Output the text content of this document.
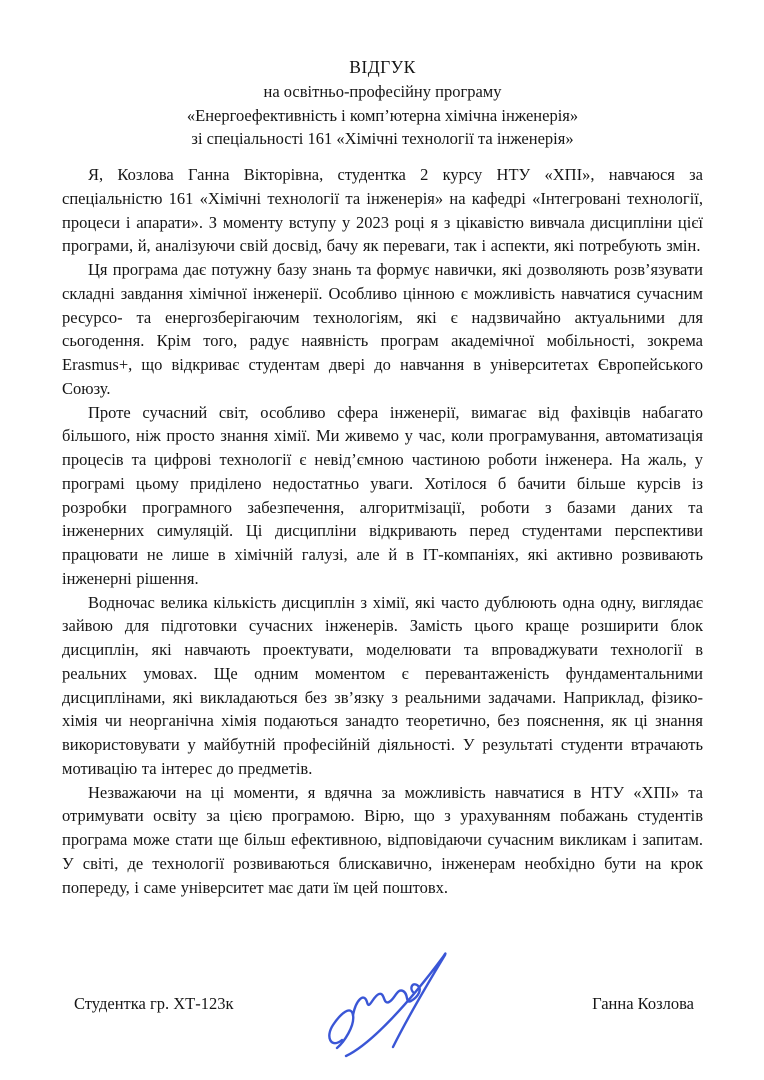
ВІДГУК
на освітньо-професійну програму
«Енергоефективність і комп’ютерна хімічна інженерія»
зі спеціальності 161 «Хімічні технології та інженерія»

Я, Козлова Ганна Вікторівна, студентка 2 курсу НТУ «ХПІ», навчаюся за спеціальністю 161 «Хімічні технології та інженерія» на кафедрі «Інтегровані технології, процеси і апарати». З моменту вступу у 2023 році я з цікавістю вивчала дисципліни цієї програми, й, аналізуючи свій досвід, бачу як переваги, так і аспекти, які потребують змін.

Ця програма дає потужну базу знань та формує навички, які дозволяють розв’язувати складні завдання хімічної інженерії. Особливо цінною є можливість навчатися сучасним ресурсо- та енергозберігаючим технологіям, які є надзвичайно актуальними для сьогодення. Крім того, радує наявність програм академічної мобільності, зокрема Erasmus+, що відкриває студентам двері до навчання в університетах Європейського Союзу.

Проте сучасний світ, особливо сфера інженерії, вимагає від фахівців набагато більшого, ніж просто знання хімії. Ми живемо у час, коли програмування, автоматизація процесів та цифрові технології є невід’ємною частиною роботи інженера. На жаль, у програмі цьому приділено недостатньо уваги. Хотілося б бачити більше курсів із розробки програмного забезпечення, алгоритмізації, роботи з базами даних та інженерних симуляцій. Ці дисципліни відкривають перед студентами перспективи працювати не лише в хімічній галузі, але й в ІТ-компаніях, які активно розвивають інженерні рішення.

Водночас велика кількість дисциплін з хімії, які часто дублюють одна одну, виглядає зайвою для підготовки сучасних інженерів. Замість цього краще розширити блок дисциплін, які навчають проектувати, моделювати та впроваджувати технології в реальних умовах. Ще одним моментом є перевантаженість фундаментальними дисциплінами, які викладаються без зв’язку з реальними задачами. Наприклад, фізико-хімія чи неорганічна хімія подаються занадто теоретично, без пояснення, як ці знання використовувати у майбутній професійній діяльності. У результаті студенти втрачають мотивацію та інтерес до предметів.

Незважаючи на ці моменти, я вдячна за можливість навчатися в НТУ «ХПІ» та отримувати освіту за цією програмою. Вірю, що з урахуванням побажань студентів програма може стати ще більш ефективною, відповідаючи сучасним викликам і запитам. У світі, де технології розвиваються блискавично, інженерам необхідно бути на крок попереду, і саме університет має дати їм цей поштовх.

Студентка гр. ХТ-123к	Ганна Козлова
